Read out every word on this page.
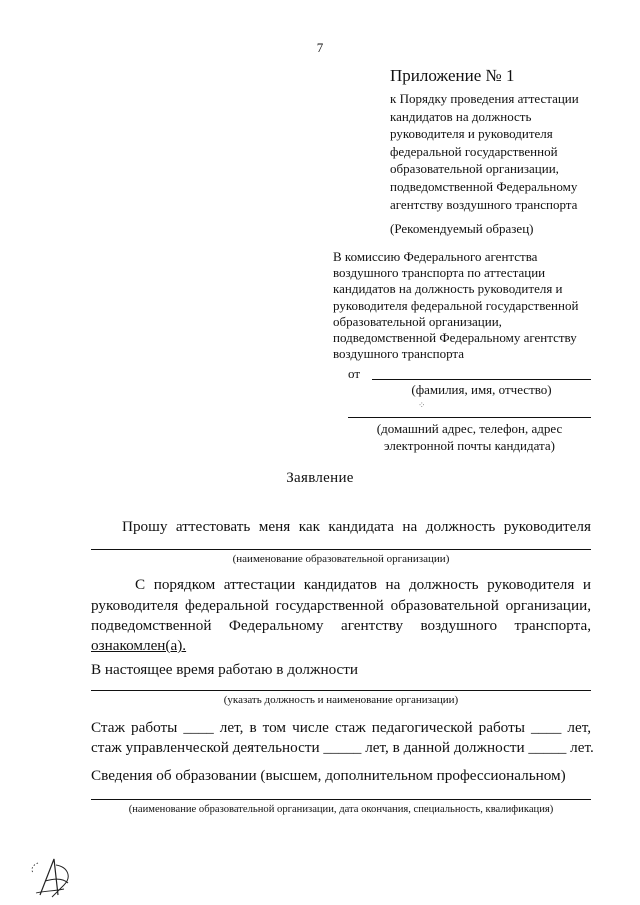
7
Приложение № 1
к Порядку проведения аттестации
кандидатов на должность
руководителя и руководителя
федеральной государственной
образовательной организации,
подведомственной Федеральному
агентству воздушного транспорта
(Рекомендуемый образец)
В комиссию Федерального агентства
воздушного транспорта по аттестации
кандидатов на должность руководителя и
руководителя федеральной государственной
образовательной организации,
подведомственной Федеральному агентству
воздушного транспорта
от
(фамилия, имя, отчество)
⁘
(домашний адрес, телефон, адрес
электронной почты кандидата)
Заявление
Прошу аттестовать меня как кандидата на должность руководителя
(наименование образовательной организации)
С порядком аттестации кандидатов на должность руководителя и
руководителя федеральной государственной образовательной организации,
подведомственной Федеральному агентству воздушного транспорта,
ознакомлен(а).
В настоящее время работаю в должности
(указать должность и наименование организации)
Стаж работы ____ лет, в том числе стаж педагогической работы ____ лет,
стаж управленческой деятельности _____ лет, в данной должности _____ лет.
Сведения об образовании (высшем, дополнительном профессиональном)
(наименование образовательной организации, дата окончания, специальность, квалификация)
